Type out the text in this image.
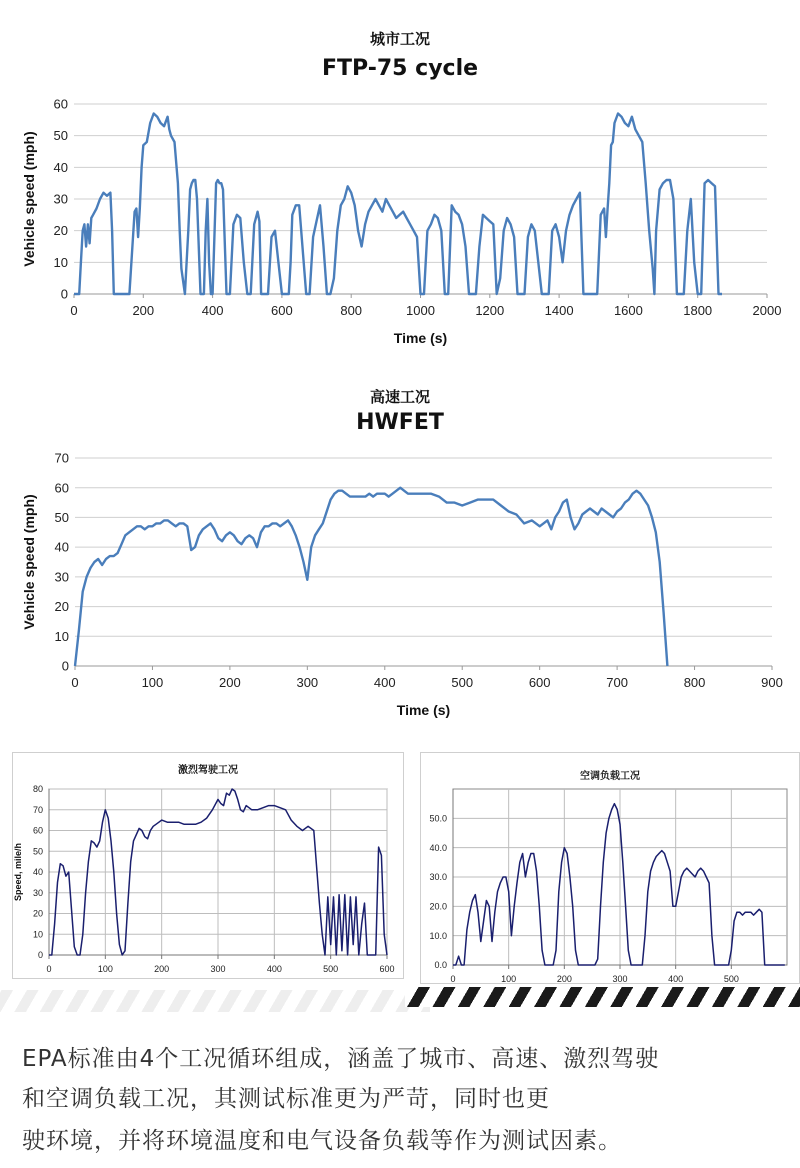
城市工况
FTP-75 cycle
0
10
20
30
40
50
60
0	200	400	600	800	1000	1200	1400	1600	1800	2000
Time (s)
Vehicle speed (mph)
高速工况
HWFET
0
10
20
30
40
50
60
70
0	100	200	300	400	500	600	700	800	900
Time (s)
Vehicle speed (mph)
激烈驾驶工况
0
10
20
30
40
50
60
70
80
0	100	200	300	400	500	600
Speed, mile/h
空调负载工况
0.0
10.0
20.0
30.0
40.0
50.0
0	100	200	300	400	500
EPA标准由4个工况循环组成，涵盖了城市、高速、激烈驾驶
和空调负载工况，其测试标准更为严苛，同时也更
驶环境，并将环境温度和电气设备负载等作为测试因素。
